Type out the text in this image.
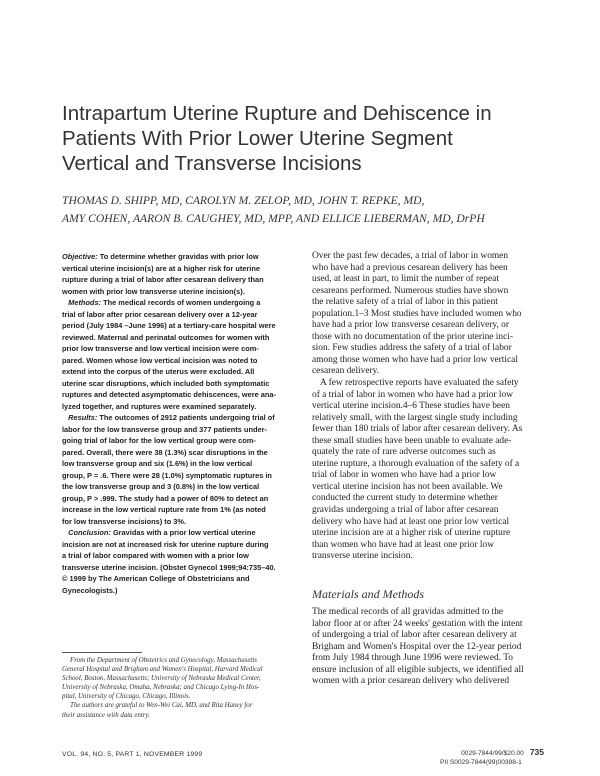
Intrapartum Uterine Rupture and Dehiscence in
Patients With Prior Lower Uterine Segment
Vertical and Transverse Incisions
THOMAS D. SHIPP, MD, CAROLYN M. ZELOP, MD, JOHN T. REPKE, MD,
AMY COHEN, AARON B. CAUGHEY, MD, MPP, AND ELLICE LIEBERMAN, MD, DrPH
Objective: To determine whether gravidas with prior low
vertical uterine incision(s) are at a higher risk for uterine
rupture during a trial of labor after cesarean delivery than
women with prior low transverse uterine incision(s).
Methods: The medical records of women undergoing a
trial of labor after prior cesarean delivery over a 12-year
period (July 1984 –June 1996) at a tertiary-care hospital were
reviewed. Maternal and perinatal outcomes for women with
prior low transverse and low vertical incision were com-
pared. Women whose low vertical incision was noted to
extend into the corpus of the uterus were excluded. All
uterine scar disruptions, which included both symptomatic
ruptures and detected asymptomatic dehiscences, were ana-
lyzed together, and ruptures were examined separately.
Results: The outcomes of 2912 patients undergoing trial of
labor for the low transverse group and 377 patients under-
going trial of labor for the low vertical group were com-
pared. Overall, there were 38 (1.3%) scar disruptions in the
low transverse group and six (1.6%) in the low vertical
group, P = .6. There were 28 (1.0%) symptomatic ruptures in
the low transverse group and 3 (0.8%) in the low vertical
group, P > .999. The study had a power of 80% to detect an
increase in the low vertical rupture rate from 1% (as noted
for low transverse incisions) to 3%.
Conclusion: Gravidas with a prior low vertical uterine
incision are not at increased risk for uterine rupture during
a trial of labor compared with women with a prior low
transverse uterine incision. (Obstet Gynecol 1999;94:735–40.
© 1999 by The American College of Obstetricians and
Gynecologists.)
Over the past few decades, a trial of labor in women
who have had a previous cesarean delivery has been
used, at least in part, to limit the number of repeat
cesareans performed. Numerous studies have shown
the relative safety of a trial of labor in this patient
population.1–3 Most studies have included women who
have had a prior low transverse cesarean delivery, or
those with no documentation of the prior uterine inci-
sion. Few studies address the safety of a trial of labor
among those women who have had a prior low vertical
cesarean delivery.
A few retrospective reports have evaluated the safety
of a trial of labor in women who have had a prior low
vertical uterine incision.4–6 These studies have been
relatively small, with the largest single study including
fewer than 180 trials of labor after cesarean delivery. As
these small studies have been unable to evaluate ade-
quately the rate of rare adverse outcomes such as
uterine rupture, a thorough evaluation of the safety of a
trial of labor in women who have had a prior low
vertical uterine incision has not been available. We
conducted the current study to determine whether
gravidas undergoing a trial of labor after cesarean
delivery who have had at least one prior low vertical
uterine incision are at a higher risk of uterine rupture
than women who have had at least one prior low
transverse uterine incision.
Materials and Methods
The medical records of all gravidas admitted to the
labor floor at or after 24 weeks' gestation with the intent
of undergoing a trial of labor after cesarean delivery at
Brigham and Women's Hospital over the 12-year period
from July 1984 through June 1996 were reviewed. To
ensure inclusion of all eligible subjects, we identified all
women with a prior cesarean delivery who delivered
From the Department of Obstetrics and Gynecology, Massachusetts
General Hospital and Brigham and Women's Hospital, Harvard Medical
School, Boston, Massachusetts; University of Nebraska Medical Center,
University of Nebraska, Omaha, Nebraska; and Chicago Lying-In Hos-
pital, University of Chicago, Chicago, Illinois.
The authors are grateful to Wen-Wei Cai, MD, and Rita Haney for
their assistance with data entry.
VOL. 94, NO. 5, PART 1, NOVEMBER 1999	0029-7844/99/$20.00 735
PII S0029-7844(99)00398-1
